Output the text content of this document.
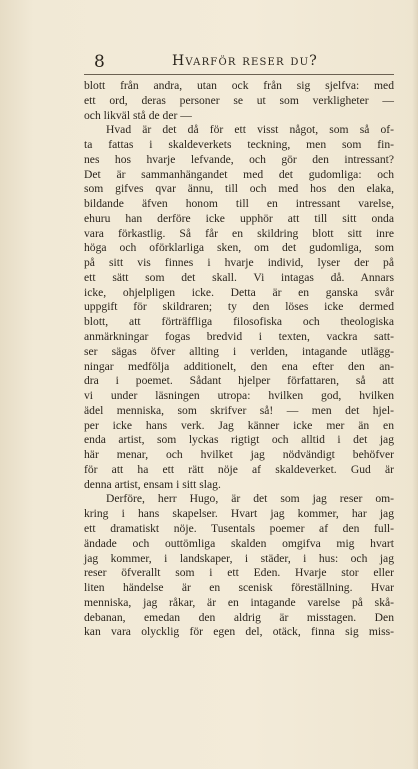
8	Hvarför reser du?
blott från andra, utan ock från sig sjelfva: med
ett ord, deras personer se ut som verkligheter —
och likväl stå de der —
Hvad är det då för ett visst något, som så of-
ta fattas i skaldeverkets teckning, men som fin-
nes hos hvarje lefvande, och gör den intressant?
Det är sammanhängandet med det gudomliga: och
som gifves qvar ännu, till och med hos den elaka,
bildande äfven honom till en intressant varelse,
ehuru han derföre icke upphör att till sitt onda
vara förkastlig. Så får en skildring blott sitt inre
höga och oförklarliga sken, om det gudomliga, som
på sitt vis finnes i hvarje individ, lyser der på
ett sätt som det skall. Vi intagas då. Annars
icke, ohjelpligen icke. Detta är en ganska svår
uppgift för skildraren; ty den löses icke dermed
blott, att förträffliga filosofiska och theologiska
anmärkningar fogas bredvid i texten, vackra satt-
ser sägas öfver allting i verlden, intagande utlägg-
ningar medfölja additionelt, den ena efter den an-
dra i poemet. Sådant hjelper författaren, så att
vi under läsningen utropa: hvilken god, hvilken
ädel menniska, som skrifver så! — men det hjel-
per icke hans verk. Jag känner icke mer än en
enda artist, som lyckas rigtigt och alltid i det jag
här menar, och hvilket jag nödvändigt behöfver
för att ha ett rätt nöje af skaldeverket. Gud är
denna artist, ensam i sitt slag.
Derföre, herr Hugo, är det som jag reser om-
kring i hans skapelser. Hvart jag kommer, har jag
ett dramatiskt nöje. Tusentals poemer af den full-
ändade och outtömliga skalden omgifva mig hvart
jag kommer, i landskaper, i städer, i hus: och jag
reser öfverallt som i ett Eden. Hvarje stor eller
liten händelse är en scenisk föreställning. Hvar
menniska, jag råkar, är en intagande varelse på skå-
debanan, emedan den aldrig är misstagen. Den
kan vara olycklig för egen del, otäck, finna sig miss-
